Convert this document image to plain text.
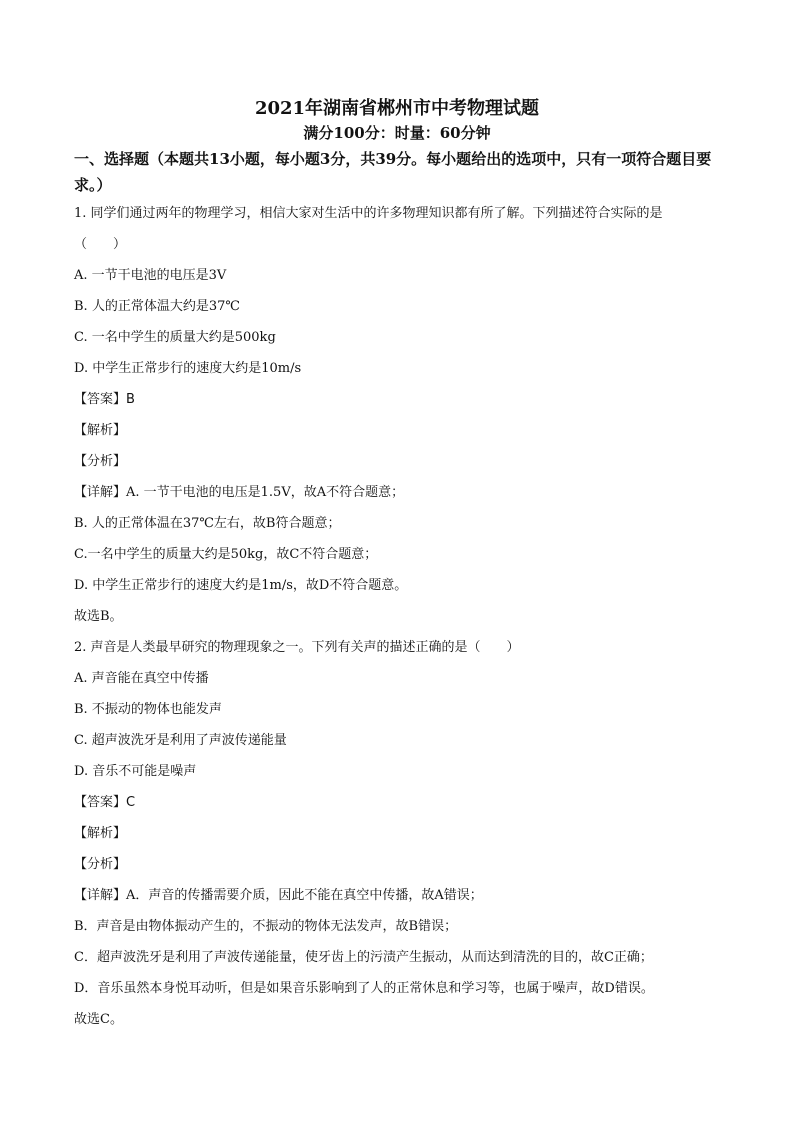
2021年湖南省郴州市中考物理试题

满分100分：时量：60分钟

一、选择题（本题共13小题，每小题3分，共39分。每小题给出的选项中，只有一项符合题目要求。）

1. 同学们通过两年的物理学习，相信大家对生活中的许多物理知识都有所了解。下列描述符合实际的是

（　　）

A. 一节干电池的电压是3V

B. 人的正常体温大约是37℃

C. 一名中学生的质量大约是500kg

D. 中学生正常步行的速度大约是10m/s

【答案】B

【解析】

【分析】

【详解】A. 一节干电池的电压是1.5V，故A不符合题意；

B. 人的正常体温在37℃左右，故B符合题意；

C.一名中学生的质量大约是50kg，故C不符合题意；

D. 中学生正常步行的速度大约是1m/s，故D不符合题意。

故选B。

2. 声音是人类最早研究的物理现象之一。下列有关声的描述正确的是（　　）

A. 声音能在真空中传播

B. 不振动的物体也能发声

C. 超声波洗牙是利用了声波传递能量

D. 音乐不可能是噪声

【答案】C

【解析】

【分析】

【详解】A．声音的传播需要介质，因此不能在真空中传播，故A错误；

B．声音是由物体振动产生的，不振动的物体无法发声，故B错误；

C．超声波洗牙是利用了声波传递能量，使牙齿上的污渍产生振动，从而达到清洗的目的，故C正确；

D．音乐虽然本身悦耳动听，但是如果音乐影响到了人的正常休息和学习等，也属于噪声，故D错误。

故选C。
